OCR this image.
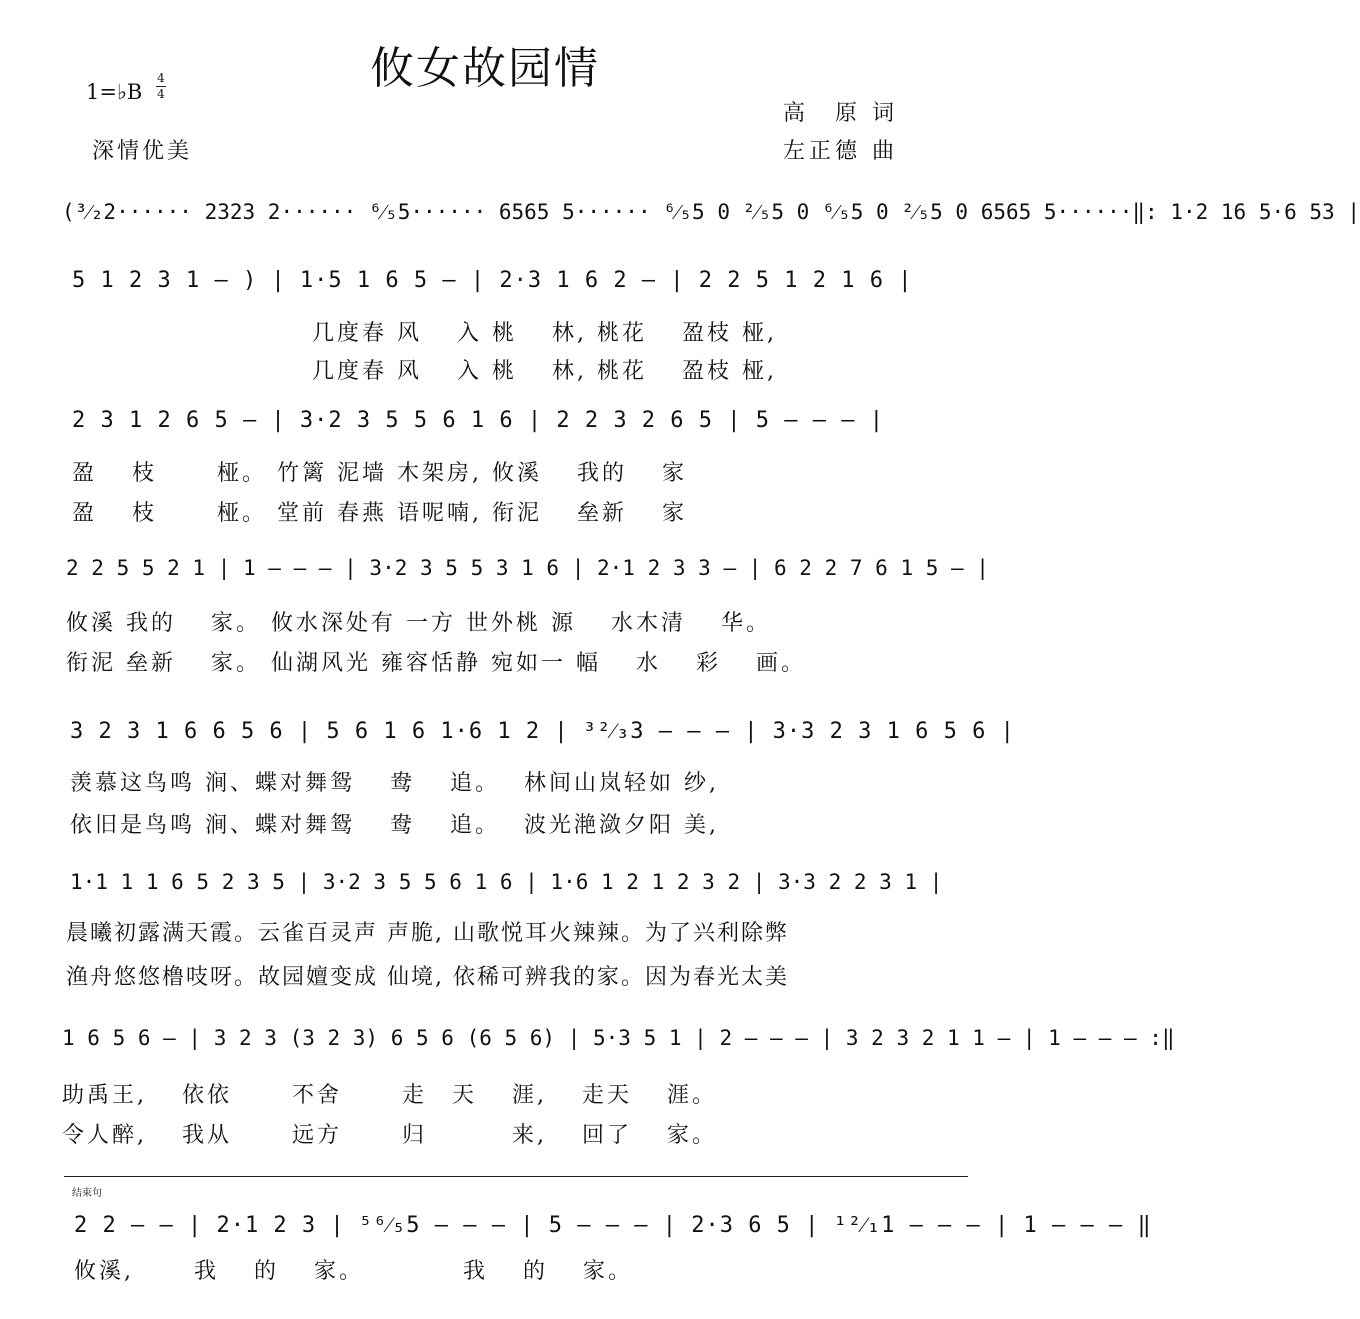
攸女故园情
1=♭B
4
4
深情优美
高　原 词
左正德 曲
(³⁄₂2······ 2323 2······ ⁶⁄₅5······ 6565 5······ ⁶⁄₅5 0 ²⁄₅5 0 ⁶⁄₅5 0 ²⁄₅5 0 6565 5······‖: 1·2 16 5·6 53 |
5 1 2 3 1 – ) | 1·5 1 6 5 – | 2·3 1 6 2 – | 2 2 5 1 2 1 6 |
几度春 风　 入 桃　 林, 桃花　 盈枝 桠,
几度春 风　 入 桃　 林, 桃花　 盈枝 桠,
2 3 1 2 6 5 – | 3·2 3 5 5 6 1 6 | 2 2 3 2 6 5 | 5 – – – |
盈　 枝　　 桠。 竹篱 泥墙 木架房, 攸溪　 我的　 家
盈　 枝　　 桠。 堂前 春燕 语呢喃, 衔泥　 垒新　 家
2 2 5 5 2 1 | 1 – – – | 3·2 3 5 5 3 1 6 | 2·1 2 3 3 – | 6 2 2 7 6 1 5 – |
攸溪 我的　 家。 攸水深处有 一方 世外桃 源　 水木清　 华。
衔泥 垒新　 家。 仙湖风光 雍容恬静 宛如一 幅　 水　 彩　 画。
3 2 3 1 6 6 5 6 | 5 6 1 6 1·6 1 2 | ³²⁄₃3 – – – | 3·3 2 3 1 6 5 6 |
羡慕这鸟鸣 涧、蝶对舞鸳　 鸯　 追。　 林间山岚轻如 纱,
依旧是鸟鸣 涧、蝶对舞鸳　 鸯　 追。　 波光滟潋夕阳 美,
1·1 1 1 6 5 2 3 5 | 3·2 3 5 5 6 1 6 | 1·6 1 2 1 2 3 2 | 3·3 2 2 3 1 |
晨曦初露满天霞。云雀百灵声 声脆, 山歌悦耳火辣辣。为了兴利除弊
渔舟悠悠橹吱呀。故园嬗变成 仙境, 依稀可辨我的家。因为春光太美
1 6 5 6 – | 3 2 3 (3 2 3) 6 5 6 (6 5 6) | 5·3 5 1 | 2 – – – | 3 2 3 2 1 1 – | 1 – – – :‖
助禹王,　 依依　　 不舍　　 走　天　 涯,　 走天　 涯。
令人醉,　 我从　　 远方　　 归　　　 来,　 回了　 家。
结束句
2 2 – – | 2·1 2 3 | ⁵⁶⁄₅5 – – – | 5 – – – | 2·3 6 5 | ¹²⁄₁1 – – – | 1 – – – ‖
攸溪,　　 我　 的　 家。　　　　 我　 的　 家。
